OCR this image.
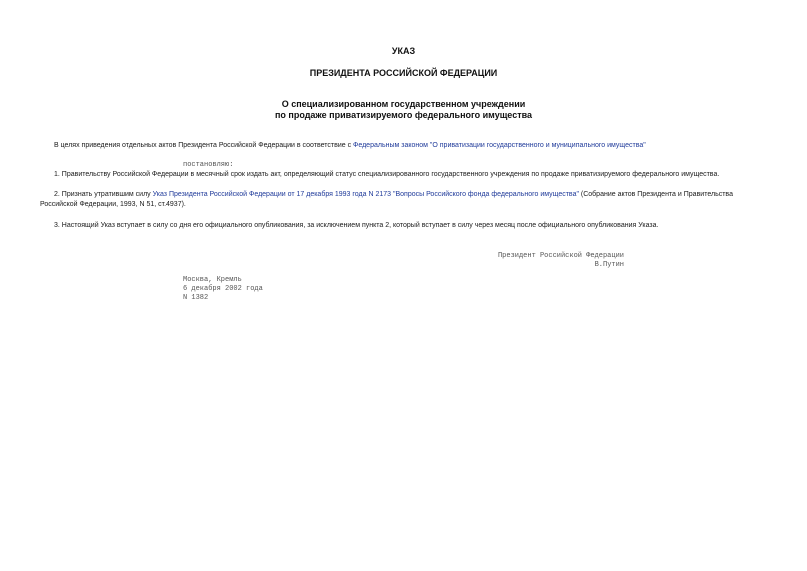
УКАЗ
ПРЕЗИДЕНТА РОССИЙСКОЙ ФЕДЕРАЦИИ
О специализированном государственном учреждении
по продаже приватизируемого федерального имущества
В целях приведения отдельных актов Президента Российской Федерации в соответствие с Федеральным законом "О приватизации государственного и муниципального имущества"
постановляю:
1. Правительству Российской Федерации в месячный срок издать акт, определяющий статус специализированного государственного учреждения по продаже приватизируемого федерального имущества.
2. Признать утратившим силу Указ Президента Российской Федерации от 17 декабря 1993 года N 2173 "Вопросы Российского фонда федерального имущества" (Собрание актов Президента и Правительства
Российской Федерации, 1993, N 51, ст.4937).
3. Настоящий Указ вступает в силу со дня его официального опубликования, за исключением пункта 2, который вступает в силу через месяц после официального опубликования Указа.
Президент Российской Федерации
В.Путин
Москва, Кремль
6 декабря 2002 года
N 1382
